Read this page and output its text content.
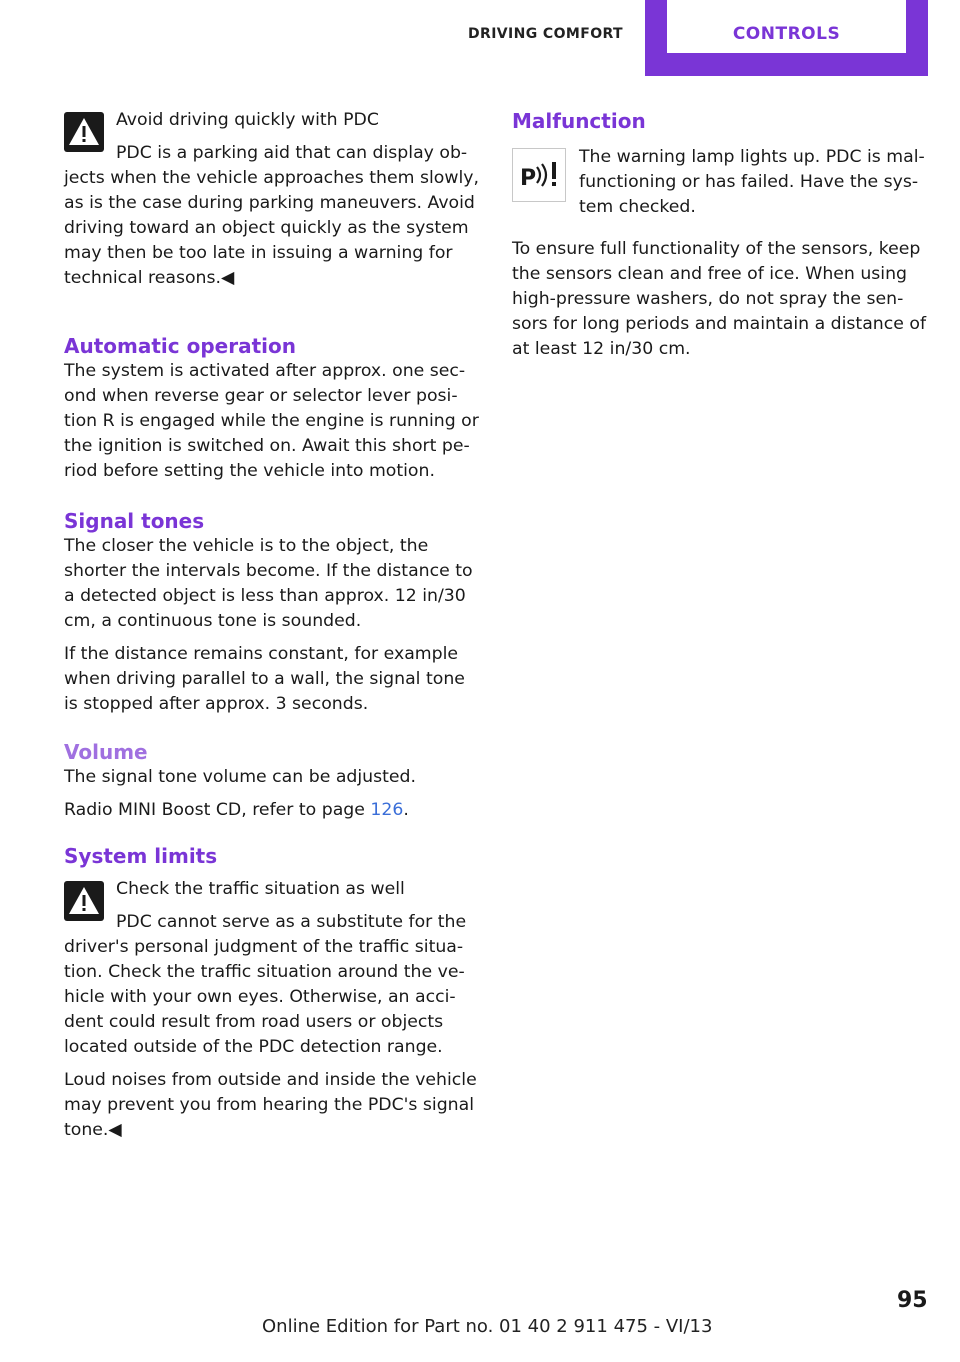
DRIVING COMFORT	CONTROLS

Avoid driving quickly with PDC

PDC is a parking aid that can display ob‐

jects when the vehicle approaches them slowly, as is the case during parking maneuvers. Avoid driving toward an object quickly as the system may then be too late in issuing a warning for technical reasons.◀

Automatic operation

The system is activated after approx. one sec‐ond when reverse gear or selector lever posi‐tion R is engaged while the engine is running or the ignition is switched on. Await this short pe‐riod before setting the vehicle into motion.

Signal tones

The closer the vehicle is to the object, the shorter the intervals become. If the distance to a detected object is less than approx. 12 in/30 cm, a continuous tone is sounded.

If the distance remains constant, for example when driving parallel to a wall, the signal tone is stopped after approx. 3 seconds.

Volume

The signal tone volume can be adjusted.

Radio MINI Boost CD, refer to page 126.

System limits

Check the traffic situation as well

PDC cannot serve as a substitute for the

driver's personal judgment of the traffic situa‐tion. Check the traffic situation around the ve‐hicle with your own eyes. Otherwise, an acci‐dent could result from road users or objects located outside of the PDC detection range.

Loud noises from outside and inside the vehicle may prevent you from hearing the PDC's signal tone.◀

Malfunction
P

The warning lamp lights up. PDC is mal‐functioning or has failed. Have the sys‐tem checked.

To ensure full functionality of the sensors, keep the sensors clean and free of ice. When using high-pressure washers, do not spray the sen‐sors for long periods and maintain a distance of at least 12 in/30 cm.

95
Online Edition for Part no. 01 40 2 911 475 - VI/13
